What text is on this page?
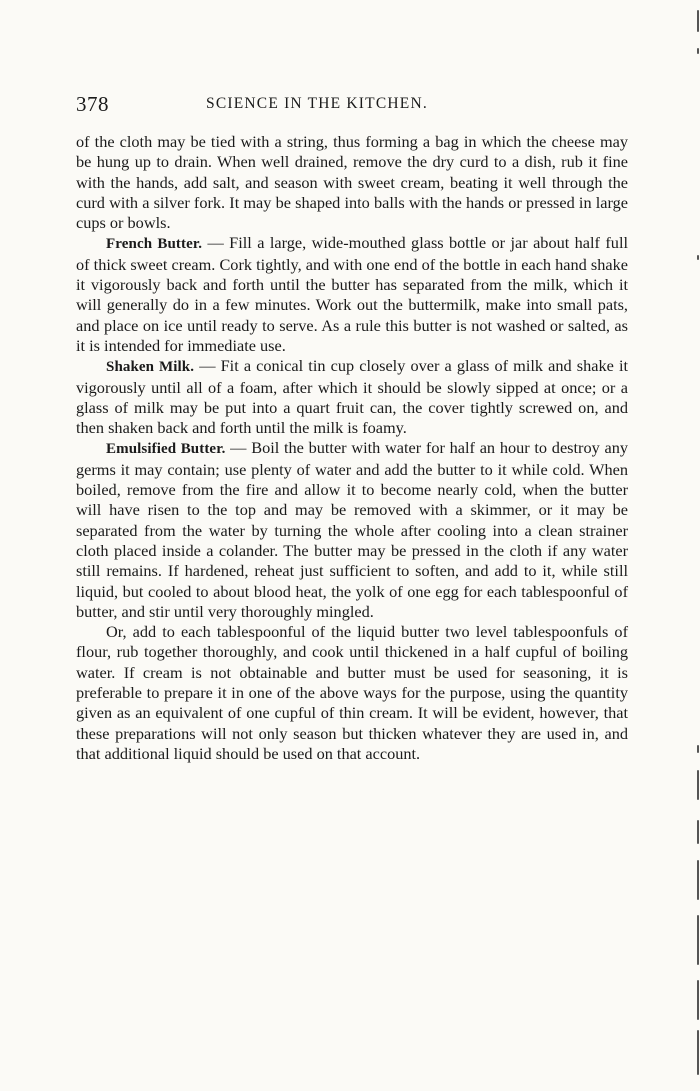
378	SCIENCE IN THE KITCHEN.

of the cloth may be tied with a string, thus forming a bag in which the cheese may be hung up to drain. When well drained, remove the dry curd to a dish, rub it fine with the hands, add salt, and season with sweet cream, beating it well through the curd with a silver fork. It may be shaped into balls with the hands or pressed in large cups or bowls.

French Butter. — Fill a large, wide-mouthed glass bottle or jar about half full of thick sweet cream. Cork tightly, and with one end of the bottle in each hand shake it vigorously back and forth until the butter has separated from the milk, which it will generally do in a few minutes. Work out the buttermilk, make into small pats, and place on ice until ready to serve. As a rule this butter is not washed or salted, as it is intended for immediate use.

Shaken Milk. — Fit a conical tin cup closely over a glass of milk and shake it vigorously until all of a foam, after which it should be slowly sipped at once; or a glass of milk may be put into a quart fruit can, the cover tightly screwed on, and then shaken back and forth until the milk is foamy.

Emulsified Butter. — Boil the butter with water for half an hour to destroy any germs it may contain; use plenty of water and add the butter to it while cold. When boiled, remove from the fire and allow it to become nearly cold, when the butter will have risen to the top and may be removed with a skimmer, or it may be separated from the water by turning the whole after cooling into a clean strainer cloth placed inside a colander. The butter may be pressed in the cloth if any water still remains. If hardened, reheat just sufficient to soften, and add to it, while still liquid, but cooled to about blood heat, the yolk of one egg for each tablespoonful of butter, and stir until very thoroughly mingled.

Or, add to each tablespoonful of the liquid butter two level tablespoonfuls of flour, rub together thoroughly, and cook until thickened in a half cupful of boiling water. If cream is not obtainable and butter must be used for seasoning, it is preferable to prepare it in one of the above ways for the purpose, using the quantity given as an equivalent of one cupful of thin cream. It will be evident, however, that these preparations will not only season but thicken whatever they are used in, and that additional liquid should be used on that account.
